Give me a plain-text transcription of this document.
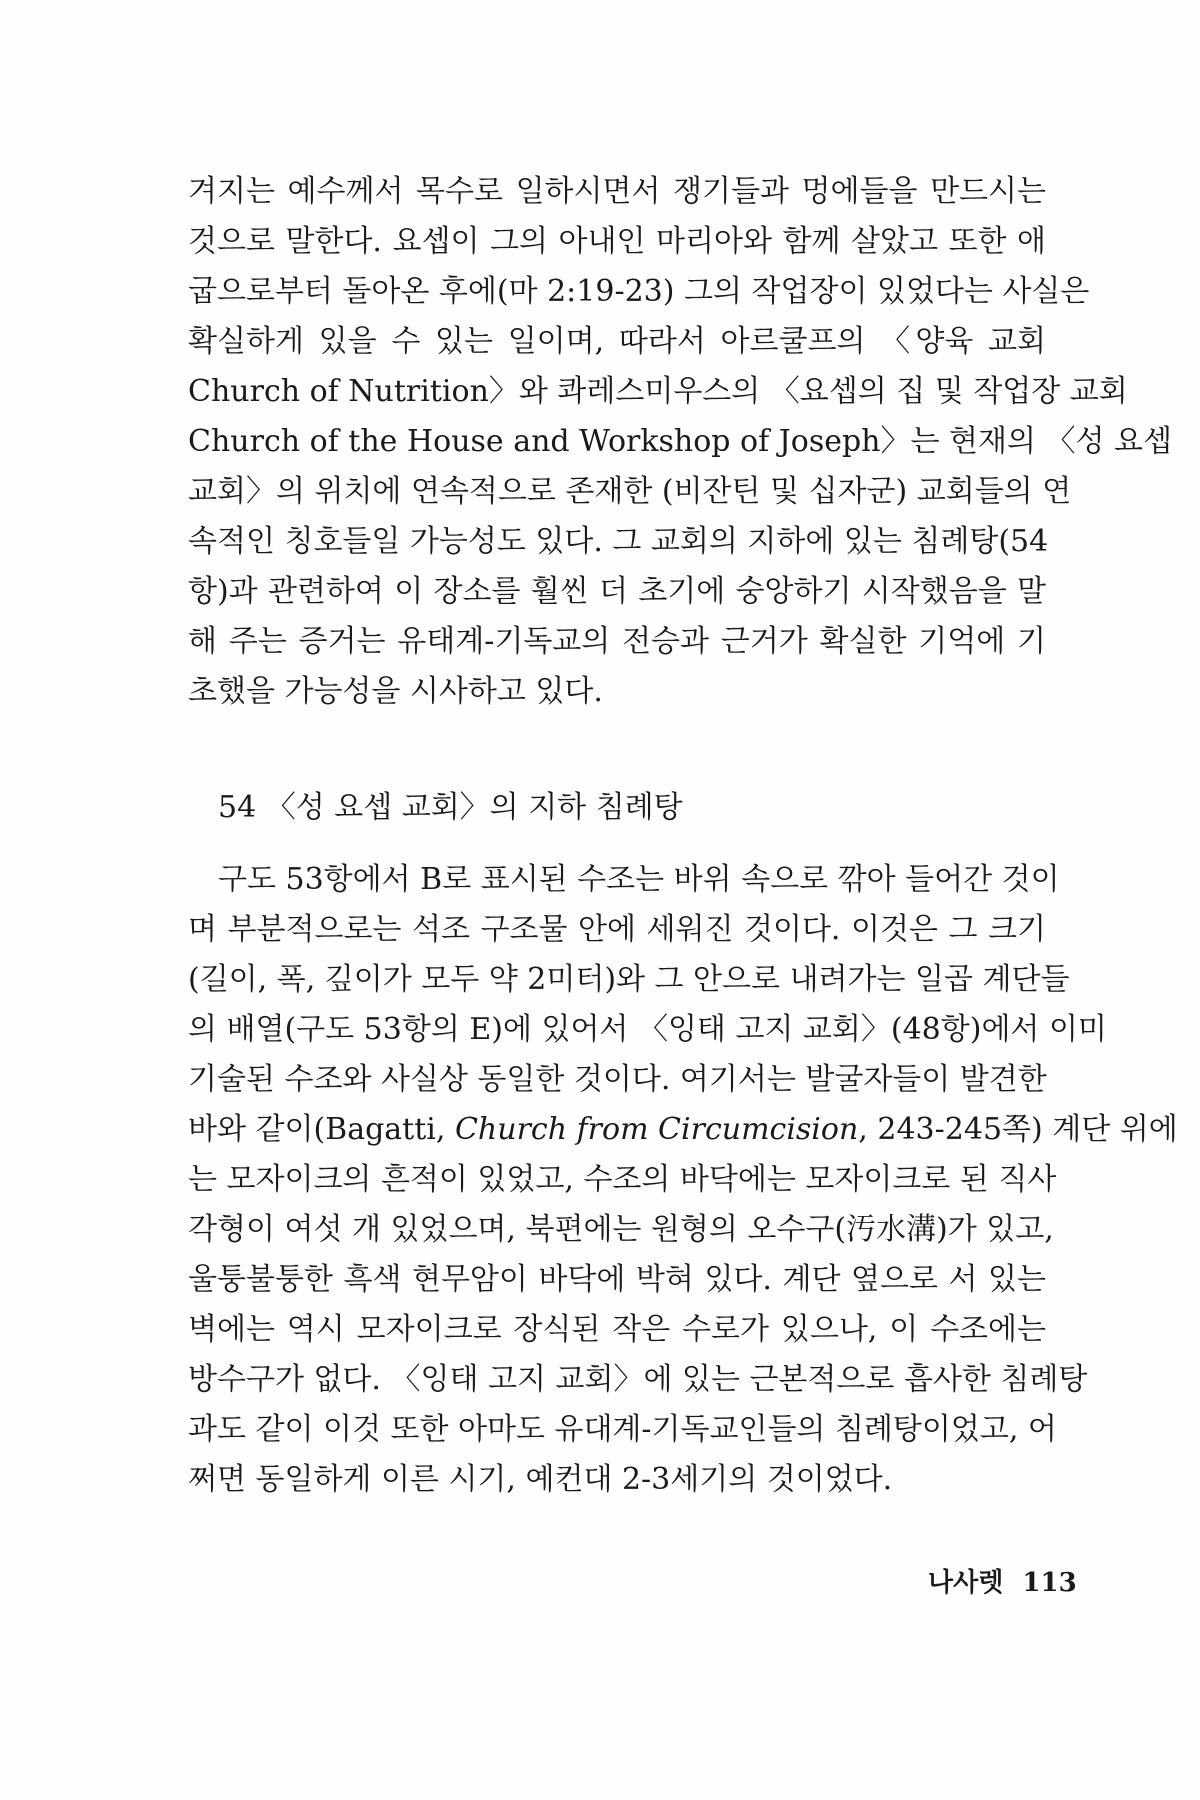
겨지는 예수께서 목수로 일하시면서 쟁기들과 멍에들을 만드시는
것으로 말한다. 요셉이 그의 아내인 마리아와 함께 살았고 또한 애
굽으로부터 돌아온 후에(마 2:19-23) 그의 작업장이 있었다는 사실은
확실하게 있을 수 있는 일이며, 따라서 아르쿨프의 〈양육 교회
Church of Nutrition〉와 콰레스미우스의 〈요셉의 집 및 작업장 교회
Church of the House and Workshop of Joseph〉는 현재의 〈성 요셉
교회〉의 위치에 연속적으로 존재한 (비잔틴 및 십자군) 교회들의 연
속적인 칭호들일 가능성도 있다. 그 교회의 지하에 있는 침례탕(54
항)과 관련하여 이 장소를 훨씬 더 초기에 숭앙하기 시작했음을 말
해 주는 증거는 유태계-기독교의 전승과 근거가 확실한 기억에 기
초했을 가능성을 시사하고 있다.
54 〈성 요셉 교회〉의 지하 침례탕
구도 53항에서 B로 표시된 수조는 바위 속으로 깎아 들어간 것이
며 부분적으로는 석조 구조물 안에 세워진 것이다. 이것은 그 크기
(길이, 폭, 깊이가 모두 약 2미터)와 그 안으로 내려가는 일곱 계단들
의 배열(구도 53항의 E)에 있어서 〈잉태 고지 교회〉(48항)에서 이미
기술된 수조와 사실상 동일한 것이다. 여기서는 발굴자들이 발견한
바와 같이(Bagatti, Church from Circumcision, 243-245쪽) 계단 위에
는 모자이크의 흔적이 있었고, 수조의 바닥에는 모자이크로 된 직사
각형이 여섯 개 있었으며, 북편에는 원형의 오수구(汚水溝)가 있고,
울퉁불퉁한 흑색 현무암이 바닥에 박혀 있다. 계단 옆으로 서 있는
벽에는 역시 모자이크로 장식된 작은 수로가 있으나, 이 수조에는
방수구가 없다. 〈잉태 고지 교회〉에 있는 근본적으로 흡사한 침례탕
과도 같이 이것 또한 아마도 유대계-기독교인들의 침례탕이었고, 어
쩌면 동일하게 이른 시기, 예컨대 2-3세기의 것이었다.
나사렛 113
